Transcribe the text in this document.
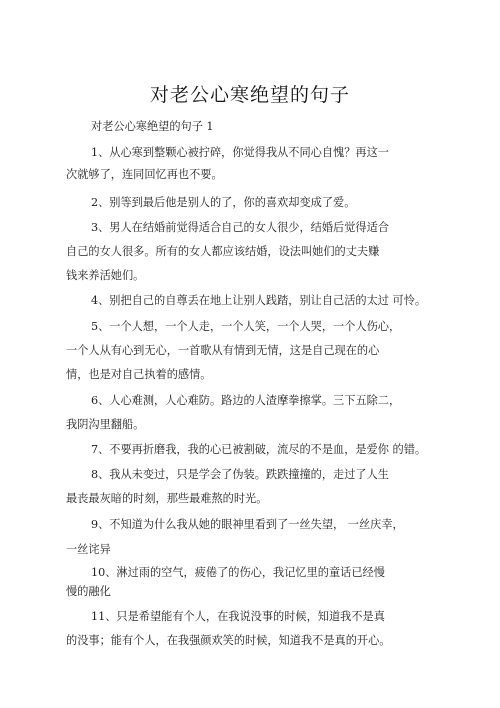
对老公心寒绝望的句子
对老公心寒绝望的句子 1
1、从心寒到整颗心被拧碎，你觉得我从不同心自愧？再这一
次就够了，连同回忆再也不要。
2、别等到最后他是别人的了，你的喜欢却变成了爱。
3、男人在结婚前觉得适合自己的女人很少，结婚后觉得适合
自己的女人很多。所有的女人都应该结婚，设法叫她们的丈夫赚
钱来养活她们。
4、别把自己的自尊丢在地上让别人践踏，别让自己活的太过 可怜。
5、一个人想，一个人走，一个人笑，一个人哭，一个人伤心，
一个人从有心到无心，一首歌从有情到无情，这是自己现在的心
情，也是对自己执着的感情。
6、人心难测，人心难防。路边的人渣摩拳擦掌。三下五除二，
我阴沟里翻船。
7、不要再折磨我，我的心已被割破，流尽的不是血，是爱你 的错。
8、我从未变过，只是学会了伪装。跌跌撞撞的，走过了人生
最丧最灰暗的时刻，那些最难熬的时光。
9、不知道为什么我从她的眼神里看到了一丝失望， 一丝庆幸，
一丝诧异
10、淋过雨的空气，疲倦了的伤心，我记忆里的童话已经慢
慢的融化
11、只是希望能有个人，在我说没事的时候，知道我不是真
的没事；能有个人，在我强颜欢笑的时候，知道我不是真的开心。
